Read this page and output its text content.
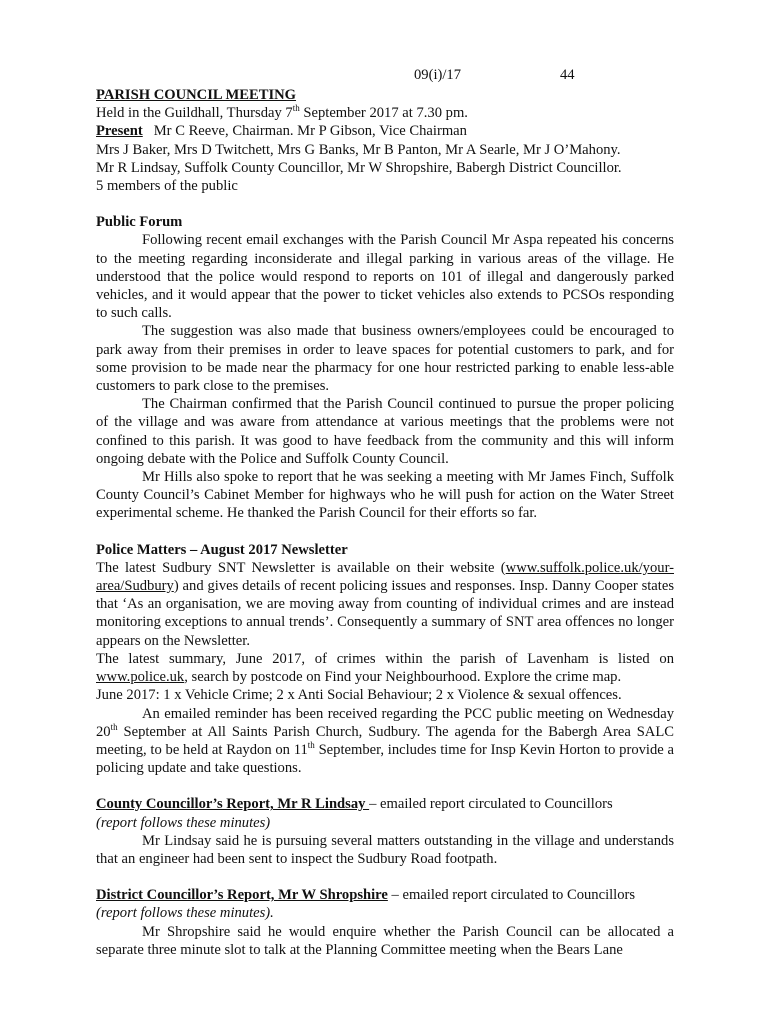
09(i)/17	44

PARISH COUNCIL MEETING

Held in the Guildhall, Thursday 7th September 2017 at 7.30 pm.

Present Mr C Reeve, Chairman. Mr P Gibson, Vice Chairman

Mrs J Baker, Mrs D Twitchett, Mrs G Banks, Mr B Panton, Mr A Searle, Mr J O’Mahony.

Mr R Lindsay, Suffolk County Councillor, Mr W Shropshire, Babergh District Councillor.

5 members of the public

Public Forum

Following recent email exchanges with the Parish Council Mr Aspa repeated his concerns to the meeting regarding inconsiderate and illegal parking in various areas of the village. He understood that the police would respond to reports on 101 of illegal and dangerously parked vehicles, and it would appear that the power to ticket vehicles also extends to PCSOs responding to such calls.

The suggestion was also made that business owners/employees could be encouraged to park away from their premises in order to leave spaces for potential customers to park, and for some provision to be made near the pharmacy for one hour restricted parking to enable less-able customers to park close to the premises.

The Chairman confirmed that the Parish Council continued to pursue the proper policing of the village and was aware from attendance at various meetings that the problems were not confined to this parish. It was good to have feedback from the community and this will inform ongoing debate with the Police and Suffolk County Council.

Mr Hills also spoke to report that he was seeking a meeting with Mr James Finch, Suffolk County Council’s Cabinet Member for highways who he will push for action on the Water Street experimental scheme. He thanked the Parish Council for their efforts so far.

Police Matters – August 2017 Newsletter

The latest Sudbury SNT Newsletter is available on their website (www.suffolk.police.uk/your-area/Sudbury) and gives details of recent policing issues and responses. Insp. Danny Cooper states that ‘As an organisation, we are moving away from counting of individual crimes and are instead monitoring exceptions to annual trends’. Consequently a summary of SNT area offences no longer appears on the Newsletter.

The latest summary, June 2017, of crimes within the parish of Lavenham is listed on www.police.uk, search by postcode on Find your Neighbourhood. Explore the crime map.

June 2017: 1 x Vehicle Crime; 2 x Anti Social Behaviour; 2 x Violence & sexual offences.

An emailed reminder has been received regarding the PCC public meeting on Wednesday 20th September at All Saints Parish Church, Sudbury. The agenda for the Babergh Area SALC meeting, to be held at Raydon on 11th September, includes time for Insp Kevin Horton to provide a policing update and take questions.

County Councillor’s Report, Mr R Lindsay – emailed report circulated to Councillors

(report follows these minutes)

Mr Lindsay said he is pursuing several matters outstanding in the village and understands that an engineer had been sent to inspect the Sudbury Road footpath.

District Councillor’s Report, Mr W Shropshire – emailed report circulated to Councillors

(report follows these minutes).

Mr Shropshire said he would enquire whether the Parish Council can be allocated a separate three minute slot to talk at the Planning Committee meeting when the Bears Lane
